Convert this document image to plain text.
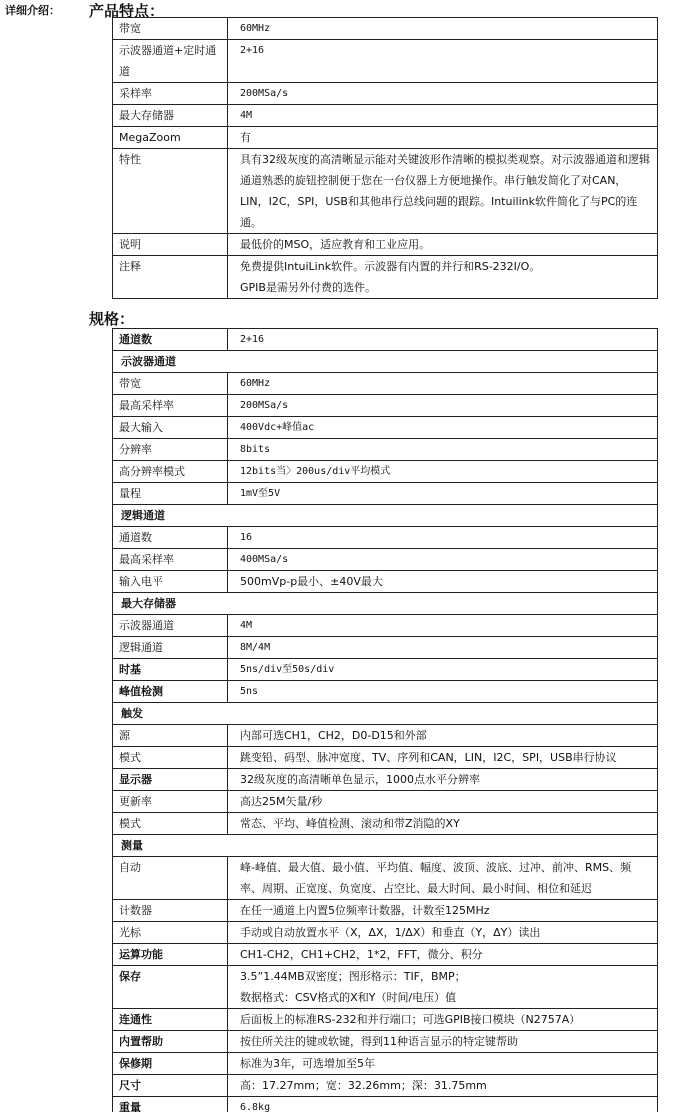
详细介绍： 产品特点：
带宽	60MHz
示波器通道+定时通道	2+16
采样率	200MSa/s
最大存储器	4M
MegaZoom	有
特性	具有32级灰度的高清晰显示能对关键波形作清晰的模拟类观察。对示波器通道和逻辑通道熟悉的旋钮控制便于您在一台仪器上方便地操作。串行触发简化了对CAN，LIN，I2C，SPI，USB和其他串行总线问题的跟踪。Intuilink软件简化了与PC的连通。
说明	最低价的MSO，适应教育和工业应用。
注释	免费提供IntuiLink软件。示波器有内置的并行和RS-232I/O。
GPIB是需另外付费的选件。
规格：
通道数	2+16
示波器通道	
带宽	60MHz
最高采样率	200MSa/s
最大输入	400Vdc+峰值ac
分辨率	8bits
高分辨率模式	12bits当〉200us/div平均模式
量程	1mV至5V
逻辑通道	
通道数	16
最高采样率	400MSa/s
输入电平	500mVp-p最小、±40V最大
最大存储器	
示波器通道	4M
逻辑通道	8M/4M
时基	5ns/div至50s/div
峰值检测	5ns
触发	
源	内部可选CH1，CH2，D0-D15和外部
模式	跳变铅、码型、脉冲宽度、TV、序列和CAN，LIN，I2C，SPI，USB串行协议
显示器	32级灰度的高清晰单色显示，1000点水平分辨率
更新率	高达25M矢量/秒
模式	常态、平均、峰值检测、滚动和带Z消隐的XY
测量	
自动	峰-峰值、最大值、最小值、平均值、幅度、波顶、波底、过冲、前冲、RMS、频率、周期、正宽度、负宽度、占空比、最大时间、最小时间、相位和延迟
计数器	在任一通道上内置5位频率计数器，计数至125MHz
光标	手动或自动放置水平（X，ΔX，1/ΔX）和垂直（Y，ΔY）读出
运算功能	CH1-CH2，CH1+CH2，1*2，FFT，微分、积分
保存	3.5”1.44MB双密度；图形格示：TIF，BMP；
数据格式：CSV格式的X和Y（时间/电压）值
连通性	后面板上的标准RS-232和并行端口；可选GPIB接口模块（N2757A）
内置帮助	按住所关注的键或软键，得到11种语言显示的特定键帮助
保修期	标准为3年，可选增加至5年
尺寸	高：17.27mm；宽：32.26mm；深：31.75mm
重量	6.8kg
